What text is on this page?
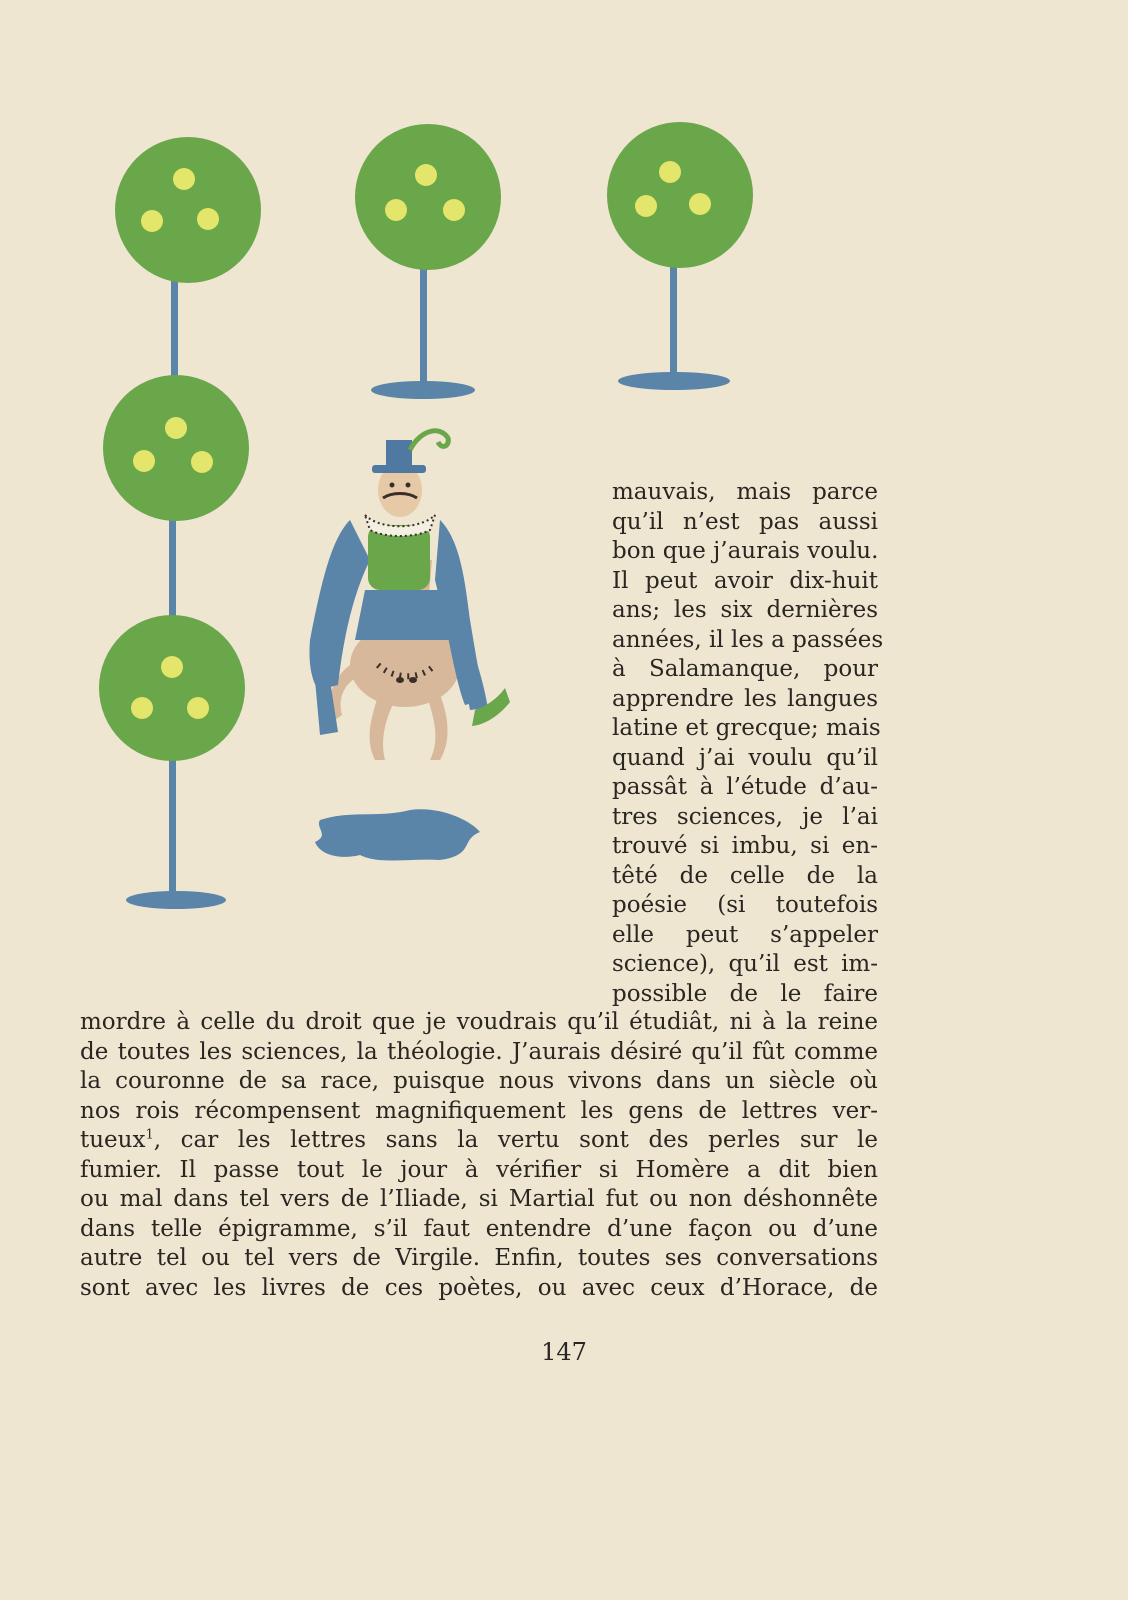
mauvais, mais parce
qu’il n’est pas aussi
bon que j’aurais voulu.
Il peut avoir dix-huit
ans; les six dernières
années, il les a passées
à Salamanque, pour
apprendre les langues
latine et grecque; mais
quand j’ai voulu qu’il
passât à l’étude d’au-
tres sciences, je l’ai
trouvé si imbu, si en-
têté de celle de la
poésie (si toutefois
elle peut s’appeler
science), qu’il est im-
possible de le faire
mordre à celle du droit que je voudrais qu’il étudiât, ni à la reine
de toutes les sciences, la théologie. J’aurais désiré qu’il fût comme
la couronne de sa race, puisque nous vivons dans un siècle où
nos rois récompensent magnifiquement les gens de lettres ver-
tueux$^1$, car les lettres sans la vertu sont des perles sur le
fumier. Il passe tout le jour à vérifier si Homère a dit bien
ou mal dans tel vers de l’Iliade, si Martial fut ou non déshonnête
dans telle épigramme, s’il faut entendre d’une façon ou d’une
autre tel ou tel vers de Virgile. Enfin, toutes ses conversations
sont avec les livres de ces poètes, ou avec ceux d’Horace, de
147
